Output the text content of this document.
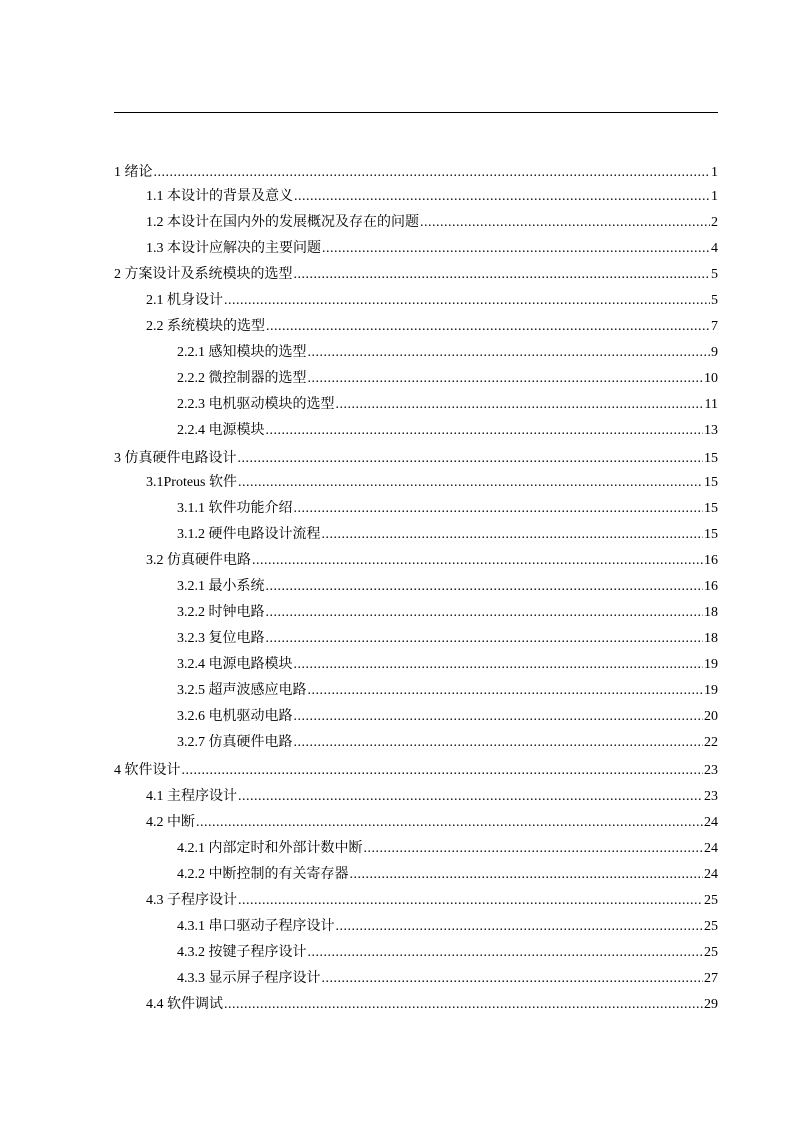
1 绪论 .....	1
1.1 本设计的背景及意义 .....	1
1.2 本设计在国内外的发展概况及存在的问题 .....	2
1.3 本设计应解决的主要问题 .....	4
2 方案设计及系统模块的选型 .....	5
2.1 机身设计 .....	5
2.2 系统模块的选型 .....	7
2.2.1 感知模块的选型 .....	9
2.2.2 微控制器的选型 .....	10
2.2.3 电机驱动模块的选型 .....	11
2.2.4 电源模块 .....	13
3 仿真硬件电路设计 .....	15
3.1Proteus 软件 .....	15
3.1.1 软件功能介绍 .....	15
3.1.2 硬件电路设计流程 .....	15
3.2 仿真硬件电路 .....	16
3.2.1 最小系统 .....	16
3.2.2 时钟电路 .....	18
3.2.3 复位电路 .....	18
3.2.4 电源电路模块 .....	19
3.2.5 超声波感应电路 .....	19
3.2.6 电机驱动电路 .....	20
3.2.7 仿真硬件电路 .....	22
4 软件设计 .....	23
4.1 主程序设计 .....	23
4.2 中断 .....	24
4.2.1 内部定时和外部计数中断 .....	24
4.2.2 中断控制的有关寄存器 .....	24
4.3 子程序设计 .....	25
4.3.1 串口驱动子程序设计 .....	25
4.3.2 按键子程序设计 .....	25
4.3.3 显示屏子程序设计 .....	27
4.4 软件调试 .....	29
